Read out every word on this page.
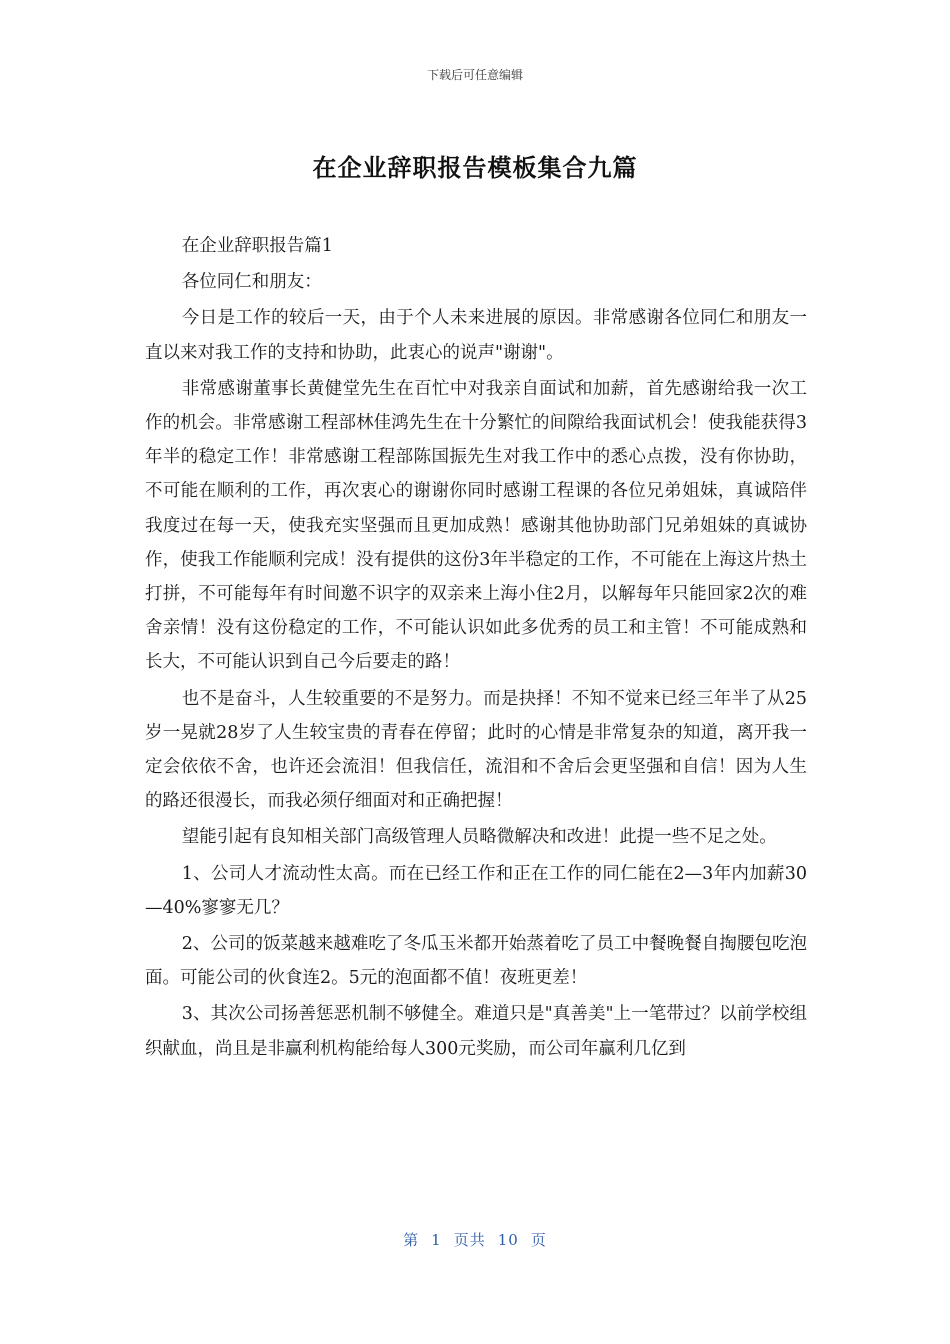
下载后可任意编辑
在企业辞职报告模板集合九篇

在企业辞职报告篇1

各位同仁和朋友：

今日是工作的较后一天，由于个人未来进展的原因。非常感谢各位同仁和朋友一直以来对我工作的支持和协助，此衷心的说声"谢谢"。

非常感谢董事长黄健堂先生在百忙中对我亲自面试和加薪，首先感谢给我一次工作的机会。非常感谢工程部林佳鸿先生在十分繁忙的间隙给我面试机会！使我能获得3年半的稳定工作！非常感谢工程部陈国振先生对我工作中的悉心点拨，没有你协助，不可能在顺利的工作，再次衷心的谢谢你同时感谢工程课的各位兄弟姐妹，真诚陪伴我度过在每一天，使我充实坚强而且更加成熟！感谢其他协助部门兄弟姐妹的真诚协作，使我工作能顺利完成！没有提供的这份3年半稳定的工作，不可能在上海这片热土打拼，不可能每年有时间邀不识字的双亲来上海小住2月，以解每年只能回家2次的难舍亲情！没有这份稳定的工作，不可能认识如此多优秀的员工和主管！不可能成熟和长大，不可能认识到自己今后要走的路！

也不是奋斗，人生较重要的不是努力。而是抉择！不知不觉来已经三年半了从25岁一晃就28岁了人生较宝贵的青春在停留；此时的心情是非常复杂的知道，离开我一定会依依不舍，也许还会流泪！但我信任，流泪和不舍后会更坚强和自信！因为人生的路还很漫长，而我必须仔细面对和正确把握！

望能引起有良知相关部门高级管理人员略微解决和改进！此提一些不足之处。

1、公司人才流动性太高。而在已经工作和正在工作的同仁能在2—3年内加薪30—40%寥寥无几？

2、公司的饭菜越来越难吃了冬瓜玉米都开始蒸着吃了员工中餐晚餐自掏腰包吃泡面。可能公司的伙食连2。5元的泡面都不值！夜班更差！

3、其次公司扬善惩恶机制不够健全。难道只是"真善美"上一笔带过？以前学校组织献血，尚且是非赢利机构能给每人300元奖励，而公司年赢利几亿到

第 1 页共 10 页
